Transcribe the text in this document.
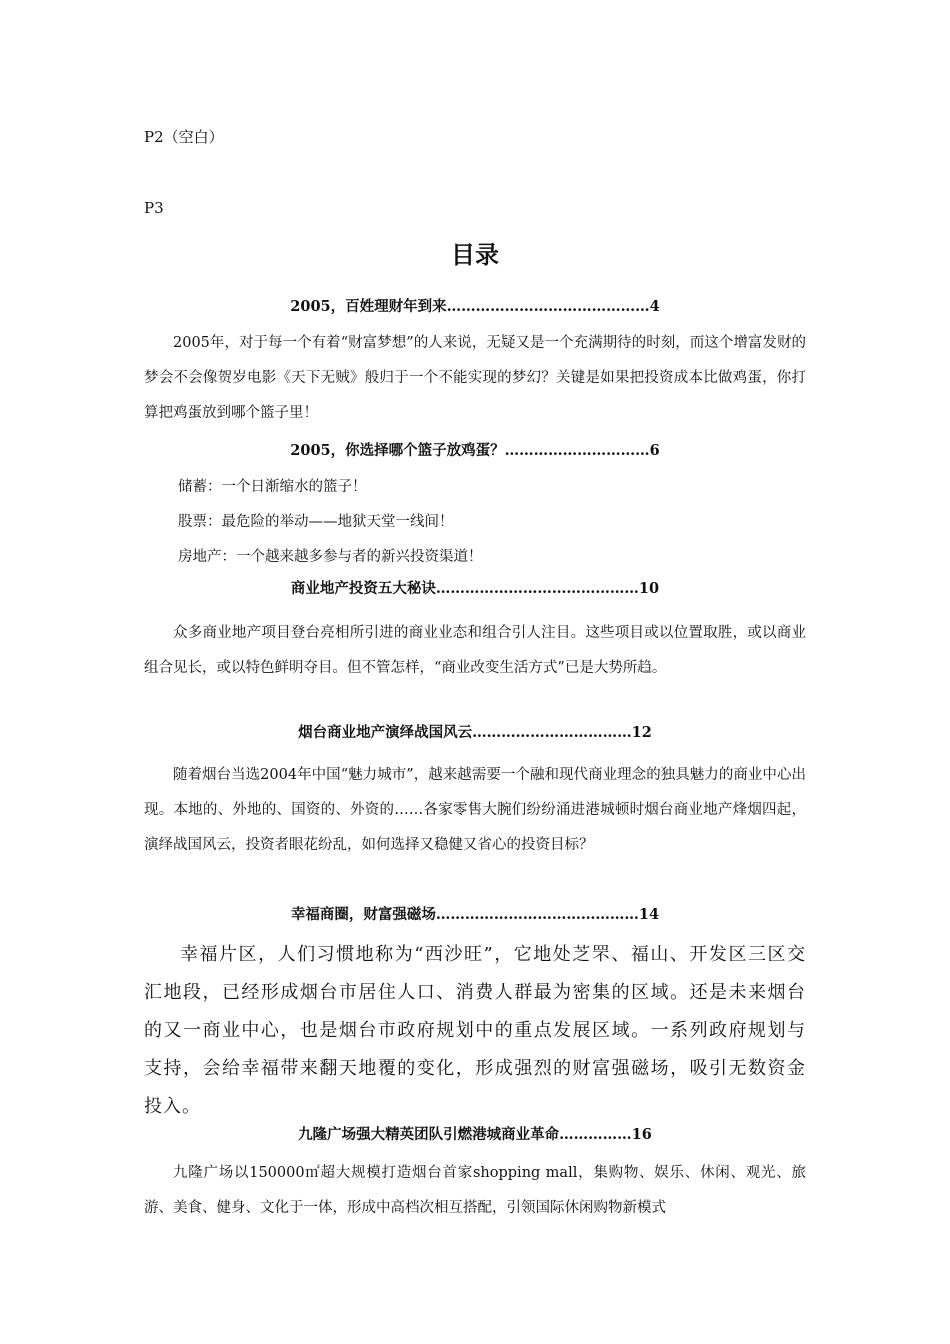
P2（空白）
P3
目录
2005，百姓理财年到来……………………………………4

2005年，对于每一个有着“财富梦想”的人来说，无疑又是一个充满期待的时刻，而这个增富发财的梦会不会像贺岁电影《天下无贼》般归于一个不能实现的梦幻？关键是如果把投资成本比做鸡蛋，你打算把鸡蛋放到哪个篮子里！

2005，你选择哪个篮子放鸡蛋？…………………………6

储蓄：一个日渐缩水的篮子！

股票：最危险的举动——地狱天堂一线间！

房地产：一个越来越多参与者的新兴投资渠道！

商业地产投资五大秘诀……………………………………10

众多商业地产项目登台亮相所引进的商业业态和组合引人注目。这些项目或以位置取胜，或以商业组合见长，或以特色鲜明夺目。但不管怎样，“商业改变生活方式”已是大势所趋。

烟台商业地产演绎战国风云……………………………12

随着烟台当选2004年中国“魅力城市”，越来越需要一个融和现代商业理念的独具魅力的商业中心出现。本地的、外地的、国资的、外资的……各家零售大腕们纷纷涌进港城顿时烟台商业地产烽烟四起，演绎战国风云，投资者眼花纷乱，如何选择又稳健又省心的投资目标？

幸福商圈，财富强磁场……………………………………14

幸福片区，人们习惯地称为“西沙旺”，它地处芝罘、福山、开发区三区交汇地段，已经形成烟台市居住人口、消费人群最为密集的区域。还是未来烟台的又一商业中心，也是烟台市政府规划中的重点发展区域。一系列政府规划与支持，会给幸福带来翻天地覆的变化，形成强烈的财富强磁场，吸引无数资金投入。

九隆广场强大精英团队引燃港城商业革命……………16

九隆广场以150000㎡超大规模打造烟台首家shopping mall，集购物、娱乐、休闲、观光、旅游、美食、健身、文化于一体，形成中高档次相互搭配，引领国际休闲购物新模式
